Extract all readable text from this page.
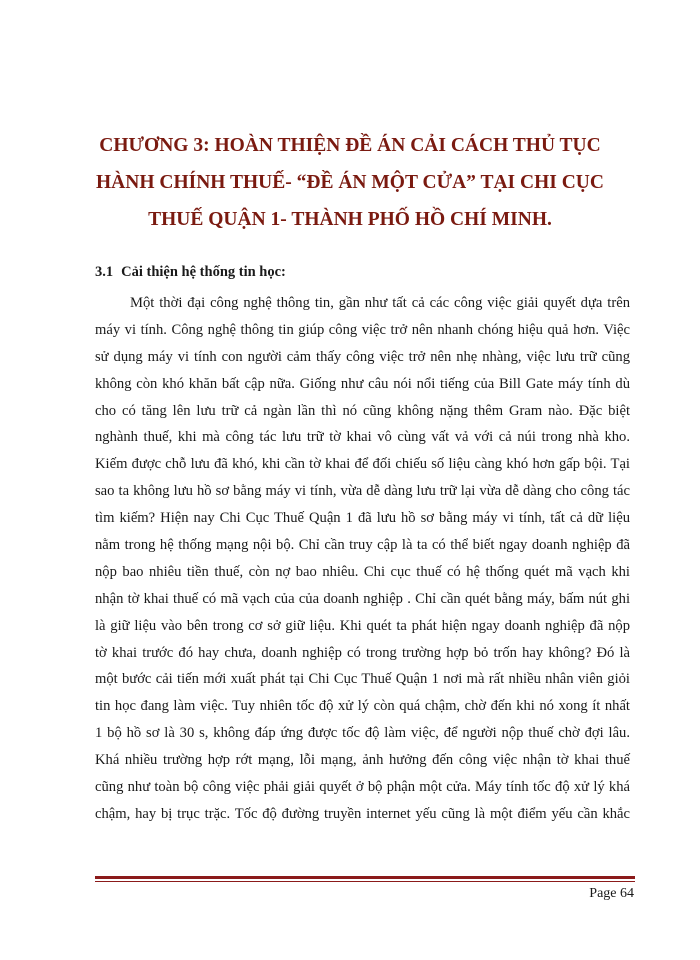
CHƯƠNG 3: HOÀN THIỆN ĐỀ ÁN CẢI CÁCH THỦ TỤC
HÀNH CHÍNH THUẾ- “ĐỀ ÁN MỘT CỬA” TẠI CHI CỤC
THUẾ QUẬN 1- THÀNH PHỐ HỒ CHÍ MINH.
3.1 Cải thiện hệ thống tin học:
Một thời đại công nghệ thông tin, gần như tất cả các công việc giải quyết dựa trên
máy vi tính. Công nghệ thông tin giúp công việc trở nên nhanh chóng hiệu quả hơn. Việc
sử dụng máy vi tính con người cảm thấy công việc trở nên nhẹ nhàng, việc lưu trữ cũng
không còn khó khăn bất cập nữa. Giống như câu nói nổi tiếng của Bill Gate máy tính dù
cho có tăng lên lưu trữ cả ngàn lần thì nó cũng không nặng thêm Gram nào. Đặc biệt
nghành thuế, khi mà công tác lưu trữ tờ khai vô cùng vất vả với cả núi trong nhà kho.
Kiếm được chỗ lưu đã khó, khi cần tờ khai để đối chiếu số liệu càng khó hơn gấp bội. Tại
sao ta không lưu hồ sơ bằng máy vi tính, vừa dễ dàng lưu trữ lại vừa dễ dàng cho công tác
tìm kiếm? Hiện nay Chi Cục Thuế Quận 1 đã lưu hồ sơ bằng máy vi tính, tất cả dữ liệu
nằm trong hệ thống mạng nội bộ. Chỉ cần truy cập là ta có thể biết ngay doanh nghiệp đã
nộp bao nhiêu tiền thuế, còn nợ bao nhiêu. Chi cục thuế có hệ thống quét mã vạch khi
nhận tờ khai thuế có mã vạch của của doanh nghiệp . Chỉ cần quét bằng máy, bấm nút ghi
là giữ liệu vào bên trong cơ sở giữ liệu. Khi quét ta phát hiện ngay doanh nghiệp đã nộp
tờ khai trước đó hay chưa, doanh nghiệp có trong trường hợp bỏ trốn hay không? Đó là
một bước cải tiến mới xuất phát tại Chi Cục Thuế Quận 1 nơi mà rất nhiều nhân viên giỏi
tin học đang làm việc. Tuy nhiên tốc độ xử lý còn quá chậm, chờ đến khi nó xong ít nhất
1 bộ hồ sơ là 30 s, không đáp ứng được tốc độ làm việc, để người nộp thuế chờ đợi lâu.
Khá nhiều trường hợp rớt mạng, lỗi mạng, ảnh hưởng đến công việc nhận tờ khai thuế
cũng như toàn bộ công việc phải giải quyết ở bộ phận một cửa. Máy tính tốc độ xử lý khá
chậm, hay bị trục trặc. Tốc độ đường truyền internet yếu cũng là một điểm yếu cần khắc
Page 64
